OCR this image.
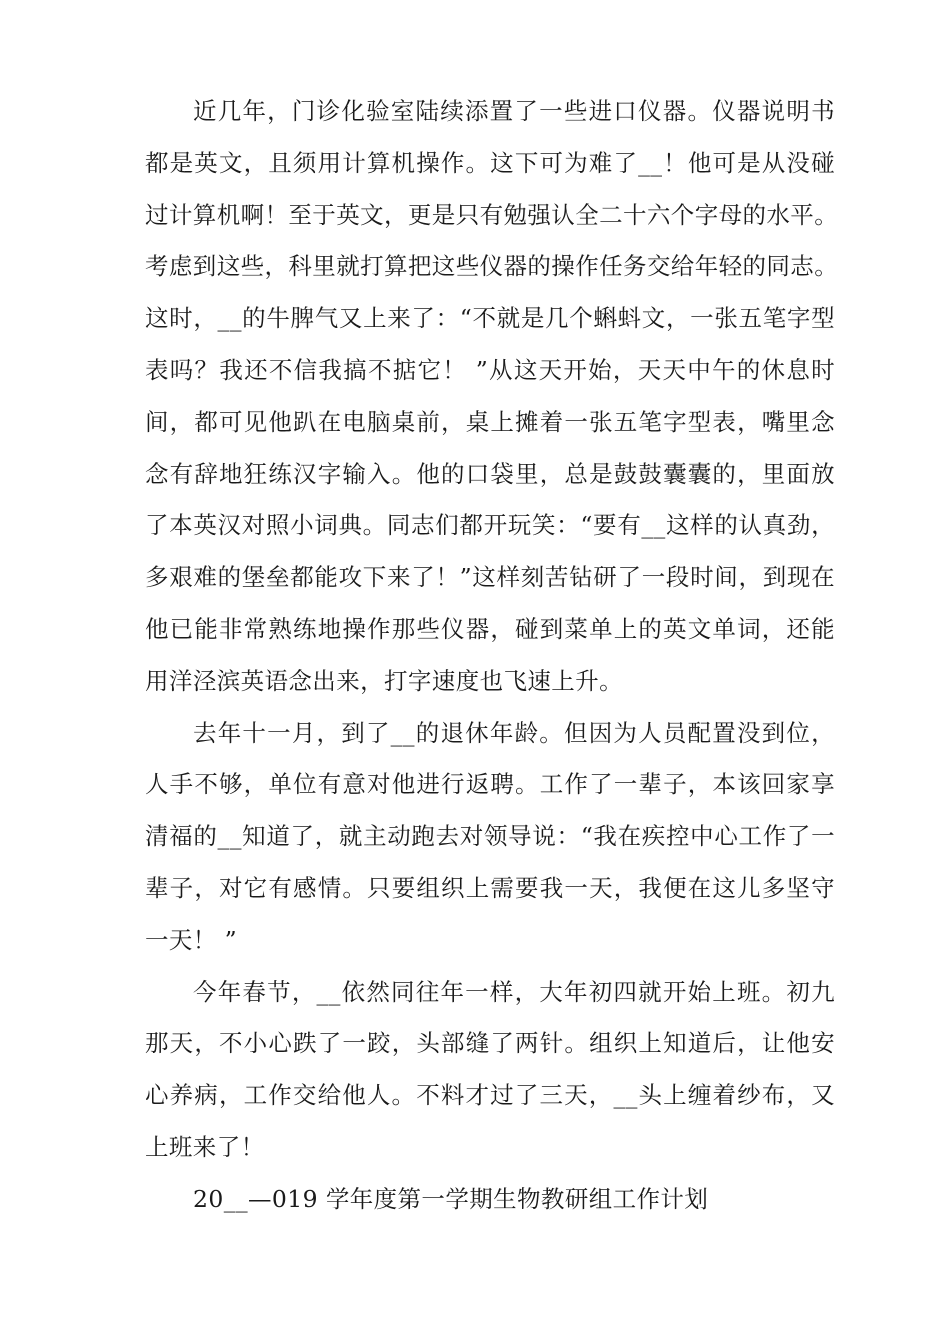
近几年，门诊化验室陆续添置了一些进口仪器。仪器说明书
都是英文，且须用计算机操作。这下可为难了__！他可是从没碰
过计算机啊！至于英文，更是只有勉强认全二十六个字母的水平。
考虑到这些，科里就打算把这些仪器的操作任务交给年轻的同志。
这时，__的牛脾气又上来了：“不就是几个蝌蚪文，一张五笔字型
表吗？我还不信我搞不掂它！ ”从这天开始，天天中午的休息时
间，都可见他趴在电脑桌前，桌上摊着一张五笔字型表，嘴里念
念有辞地狂练汉字输入。他的口袋里，总是鼓鼓囊囊的，里面放
了本英汉对照小词典。同志们都开玩笑：“要有__这样的认真劲，
多艰难的堡垒都能攻下来了！”这样刻苦钻研了一段时间，到现在
他已能非常熟练地操作那些仪器，碰到菜单上的英文单词，还能
用洋泾滨英语念出来，打字速度也飞速上升。
去年十一月，到了__的退休年龄。但因为人员配置没到位，
人手不够，单位有意对他进行返聘。工作了一辈子，本该回家享
清福的__知道了，就主动跑去对领导说：“我在疾控中心工作了一
辈子，对它有感情。只要组织上需要我一天，我便在这儿多坚守
一天！ ”
今年春节，__依然同往年一样，大年初四就开始上班。初九
那天，不小心跌了一跤，头部缝了两针。组织上知道后，让他安
心养病，工作交给他人。不料才过了三天，__头上缠着纱布，又
上班来了！
20__—019 学年度第一学期生物教研组工作计划
